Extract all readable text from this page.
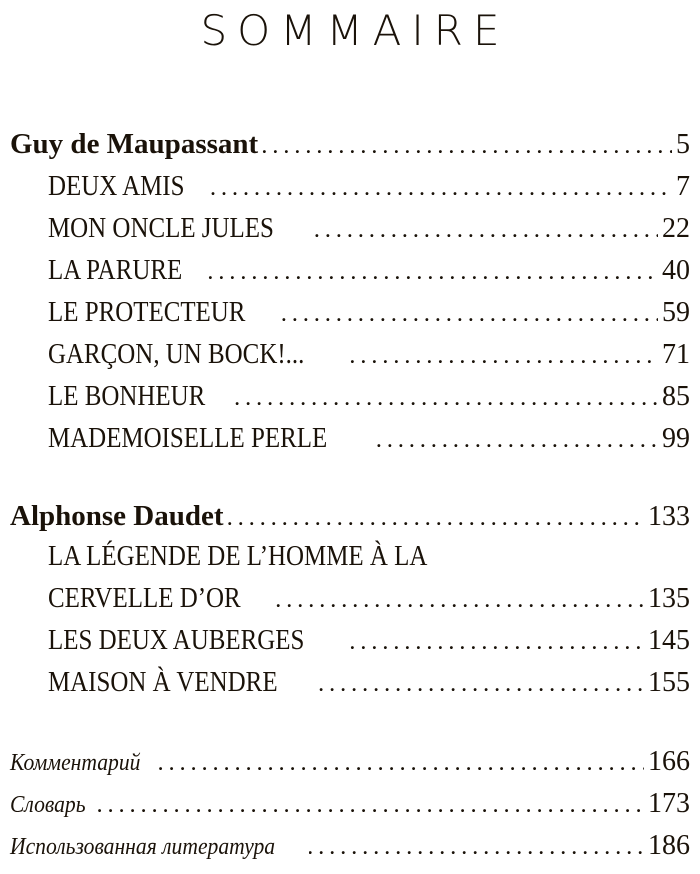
SOMMAIRE
Guy de Maupassant . . .	5
DEUX AMIS . . .	7
MON ONCLE JULES . . .	22
LA PARURE . . .	40
LE PROTECTEUR . . .	59
GARÇON, UN BOCK!... . . .	71
LE BONHEUR . . .	85
MADEMOISELLE PERLE . . .	99
Alphonse Daudet . . .	133
LA LÉGENDE DE L’HOMME À LA
CERVELLE D’OR . . .	135
LES DEUX AUBERGES . . .	145
MAISON À VENDRE . . .	155
Комментарий . . .	166
Словарь . . .	173
Использованная литература . . .	186
